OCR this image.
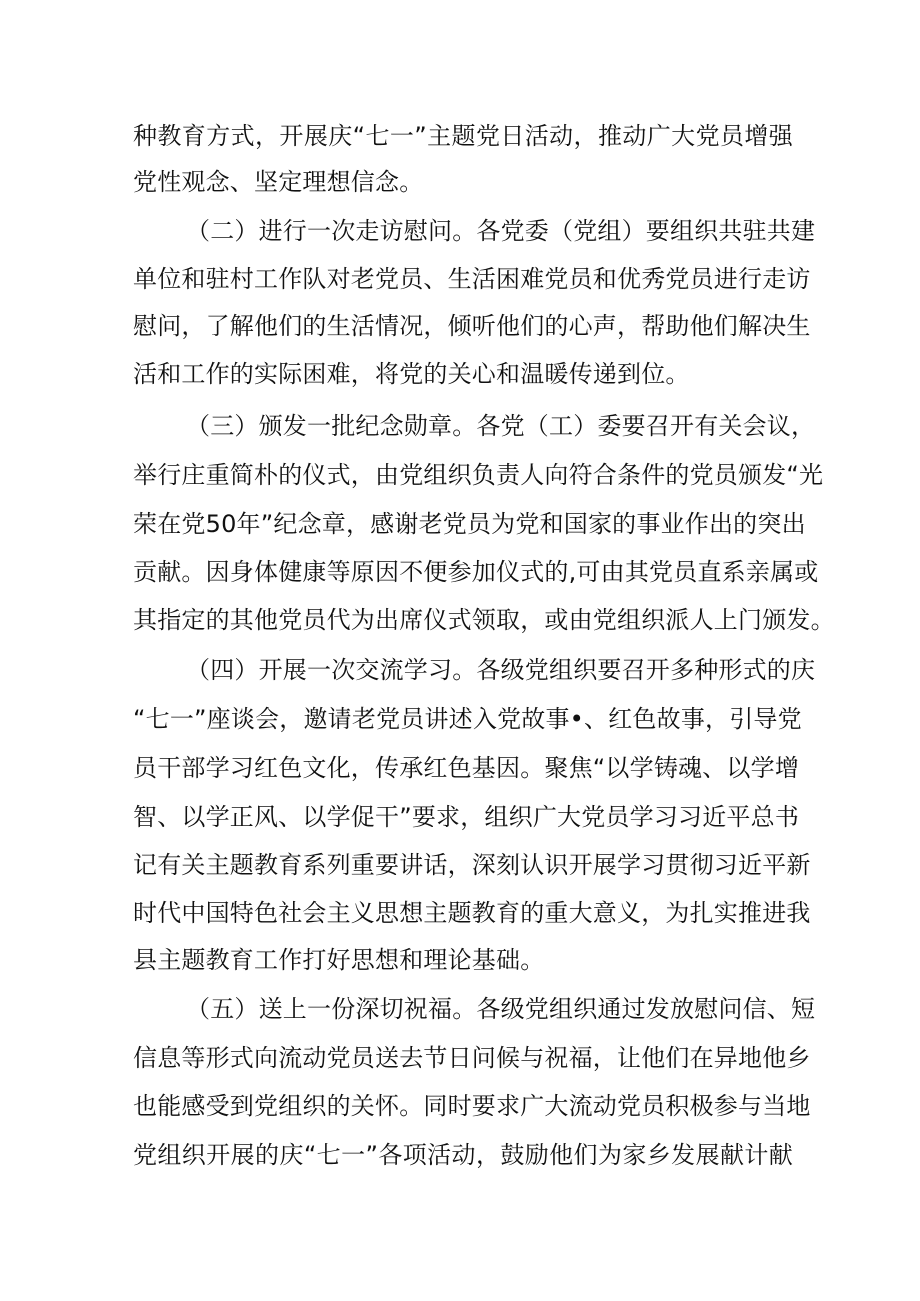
种教育方式，开展庆“七一”主题党日活动，推动广大党员增强
党性观念、坚定理想信念。
（二）进行一次走访慰问。各党委（党组）要组织共驻共建
单位和驻村工作队对老党员、生活困难党员和优秀党员进行走访
慰问，了解他们的生活情况，倾听他们的心声，帮助他们解决生
活和工作的实际困难，将党的关心和温暖传递到位。
（三）颁发一批纪念勋章。各党（工）委要召开有关会议，
举行庄重简朴的仪式，由党组织负责人向符合条件的党员颁发“光
荣在党50年”纪念章，感谢老党员为党和国家的事业作出的突出
贡献。因身体健康等原因不便参加仪式的,可由其党员直系亲属或
其指定的其他党员代为出席仪式领取，或由党组织派人上门颁发。
（四）开展一次交流学习。各级党组织要召开多种形式的庆
“七一”座谈会，邀请老党员讲述入党故事•、红色故事，引导党
员干部学习红色文化，传承红色基因。聚焦“以学铸魂、以学增
智、以学正风、以学促干”要求，组织广大党员学习习近平总书
记有关主题教育系列重要讲话，深刻认识开展学习贯彻习近平新
时代中国特色社会主义思想主题教育的重大意义，为扎实推进我
县主题教育工作打好思想和理论基础。
（五）送上一份深切祝福。各级党组织通过发放慰问信、短
信息等形式向流动党员送去节日问候与祝福，让他们在异地他乡
也能感受到党组织的关怀。同时要求广大流动党员积极参与当地
党组织开展的庆“七一”各项活动，鼓励他们为家乡发展献计献
